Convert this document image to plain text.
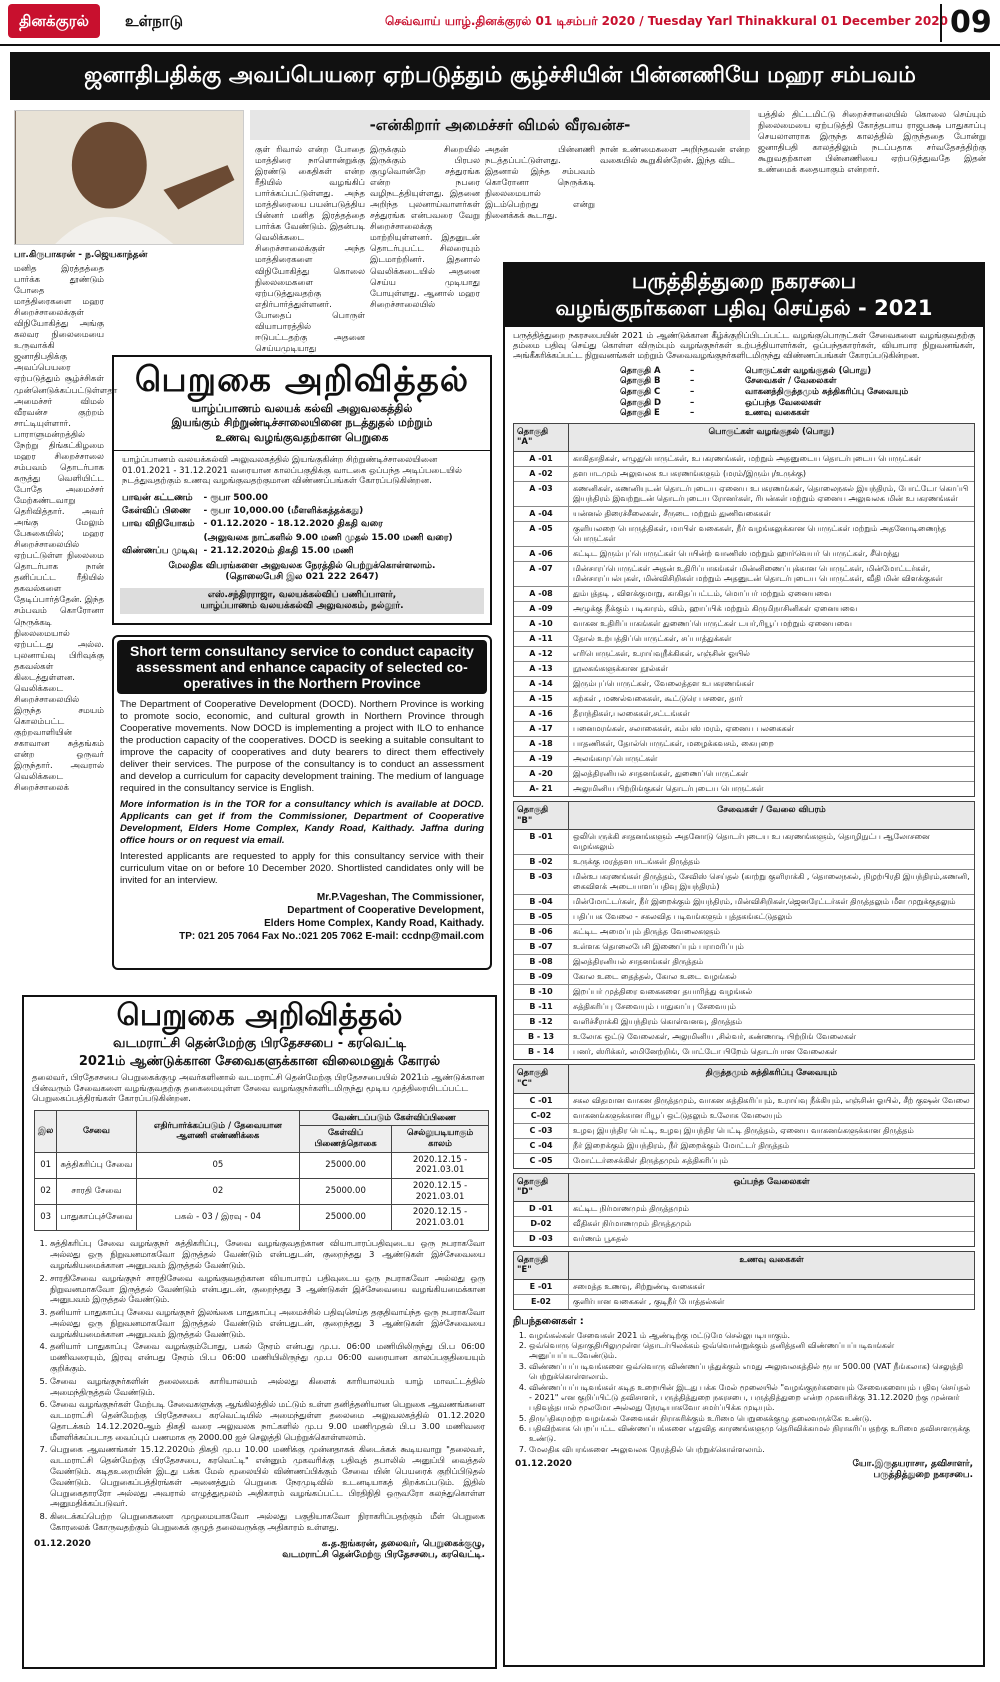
தினக்குரல்	உள்நாடு	செவ்வாய் யாழ்.தினக்குரல் 01 டிசம்பர் 2020 / Tuesday Yarl Thinakkural 01 December 2020 09
ஜனாதிபதிக்கு அவப்பெயரை ஏற்படுத்தும் சூழ்ச்சியின் பின்னணியே மஹர சம்பவம்
-என்கிறார் அமைச்சர் விமல் வீரவன்ச-
பா.கிருபாகரன் - ந.ஜெயகாந்தன்
மனித இரத்தத்தை பார்க்க தூண்டும் போதை மாத்திரைகளை மஹர சிறைச்சாலைக்குள் விநியோகித்து அங்கு கலவர நிலைமையை உருவாக்கி ஜனாதிபதிக்கு அவப்பெயரை ஏற்படுத்தும் சூழ்ச்சிகள் முன்னெடுக்கப்பட்டுள்ளதா அமைச்சர் விமல் வீரவன்ச குற்றம் சாட்டியுள்ளார். பாராளுமன்றத்தில் நேற்று திங்கட்கிழமை மஹர சிறைச்சாலை சம்பவம் தொடர்பாக கருத்து வெளியிட்ட போதே அமைச்சர் மேற்கண்டவாறு தெரிவித்தார். அவர் அங்கு மேலும் பேசுகையில்; மஹர சிறைச்சாலையில் ஏற்பட்டுள்ள நிலைமை தொடர்பாக நான் தனிப்பட்ட ரீதியில் தகவல்களை தேடிப்பார்த்தேன். இந்த சம்பவம் கொரோனா நெருக்கடி நிலைமையால் ஏற்பட்டது அல்ல. புலனாய்வு பிரிவுக்கு தகவல்கள் கிடைத்துள்ளன. வெலிக்கடை சிறைச்சாலையில் இருந்த சமயம் கொலம்பட்ட குற்றவாளியின் சகாவான சுத்தங்கம் என்ற ஒருவர் இருந்தார். அவரால் வெலிக்கடை சிறைச்சாலைக்
குள் ரிவால் என்ற போதை மாத்திரை நாளொன்றுக்கு இரண்டு கைதிகள் என்ற ரீதியில் வழங்கிப் பார்க்கப்பட்டுள்ளது. அந்த மாத்திரையை பயன்படுத்திய பின்னர் மனித இரத்தத்தை பார்க்க வேண்டும். இதன்படி வெலிக்கடை சிறைச்சாலைக்குள் அந்த மாத்திரைகளை விநியோகித்து கொலை நிலைமைகளை ஏற்படுத்துவதற்கு எதிர்பார்த்துள்ளனர். போதைப் பொருள் வியாபாரத்தில் ஈடுபட்டதற்கு அதனை செய்யமுடியாது
இருக்கும் சிறையில் இருக்கும் பிரபல குழுவொன்றே சத்துரங்க என்ற நபரை வழிநடத்தியுள்ளது. இதனை அறிந்த புலனாய்வாளர்கள் சத்துரங்க என்பவரை வேறு சிறைச்சாலைக்கு மாற்றியுள்ளனர். இதனுடன் தொடர்புபட்ட சிலரையும் இடமாற்றினர். இதனால் வெலிக்கடையில் அதனை செய்ய முடியாது போயுள்ளது. ஆனால் மஹர சிறைச்சாலையில்
அதன் பின்னணி நடத்தப்பட்டுள்ளது. இதனால் இந்த சம்பவம் கொரோனா நெருக்கடி நிலைமையால் இடம்பெற்றது என்று நினைக்கக் கூடாது.
நான் உண்மைகளை அறிந்தவன் என்ற வகையில் கூறுகின்றேன். இந்த விட
யத்தில் திட்டமிட்டு சிறைச்சாலையில் கொலை செய்யும் நிலைமையை ஏற்படுத்தி கோத்தபாய ராஜபக்ஷ பாதுகாப்பு செயலாளராக இருந்த காலத்தில் இருந்ததை போன்று ஜனாதிபதி காலத்திலும் நடப்பதாக சர்வதேசத்திற்கு கூறுவதற்கான பின்னணியை ஏற்படுத்துவதே இதன் உண்மைக் கதையாகும் என்றார்.
பெறுகை அறிவித்தல்
யாழ்ப்பாணம் வலயக் கல்வி அலுவலகத்தில்
இயங்கும் சிற்றுண்டிச்சாலையினை நடத்துதல் மற்றும்
உணவு வழங்குவதற்கான பெறுகை
யாழ்ப்பாணம் வலயக்கல்வி அலுவலகத்தில் இயங்குகின்ற சிற்றுண்டிச்சாலையினை 01.01.2021 - 31.12.2021 வரையான காலப்பகுதிக்கு வாடகை ஒப்பந்த அடிப்படையில் நடத்துவதற்கும் உணவு வழங்குவதற்குமான விண்ணப்பங்கள் கோரப்படுகின்றன.
பாவன் கட்டணம்	- ரூபா 500.00
கேள்விப் பிணை	- ரூபா 10,000.00 (மீளளிக்கத்தக்கது)
பாவ விநியோகம்	- 01.12.2020 - 18.12.2020 திகதி வரை
	(அலுவலக நாட்களில் 9.00 மணி முதல் 15.00 மணி வரை)
விண்ணப்ப முடிவு	- 21.12.2020ம் திகதி 15.00 மணி
மேலதிக விபரங்களை அலுவலக நேரத்தில் பெற்றுக்கொள்ளலாம்.
(தொலைபேசி இல 021 222 2647)
எஸ்.சந்திரராஜா, வலயக்கல்விப் பணிப்பாளர்,
யாழ்ப்பாணம் வலயக்கல்வி அலுவலகம், நல்லூர்.
Short term consultancy service to conduct capacity assessment and enhance capacity of selected co-operatives in the Northern Province

The Department of Cooperative Development (DOCD). Northern Province is working to promote socio, economic, and cultural growth in Northern Province through Cooperative movements. Now DOCD is implementing a project with ILO to enhance the production capacity of the cooperatives. DOCD is seeking a suitable consultant to improve the capacity of cooperatives and duty bearers to direct them effectively deliver their services. The purpose of the consultancy is to conduct an assessment and develop a curriculum for capacity development training. The medium of language required in the consultancy service is English.

More information is in the TOR for a consultancy which is available at DOCD. Applicants can get if from the Commissioner, Department of Cooperative Development, Elders Home Complex, Kandy Road, Kaithady. Jaffna during office hours or on request via email.

Interested applicants are requested to apply for this consultancy service with their curriculum vitae on or before 10 December 2020. Shortlisted candidates only will be invited for an interview.

Mr.P.Vageshan, The Commissioner,
Department of Cooperative Development,
Elders Home Complex, Kandy Road, Kaithady.
TP: 021 205 7064 Fax No.:021 205 7062 E-mail: ccdnp@mail.com

பெறுகை அறிவித்தல்
வடமராட்சி தென்மேற்கு பிரதேசசபை - கரவெட்டி
2021ம் ஆண்டுக்கான சேவைகளுக்கான விலைமனுக் கோரல்
தலைவர், பிரதேசசபை பெறுகைக்குழு அவர்களினால் வடமராட்சி தென்மேற்கு பிரதேசசபையில் 2021ம் ஆண்டுக்கான பின்வரும் சேவைகளை வழங்குவதற்கு தகைமையுள்ள சேவை வழங்குநர்களிடமிருந்து மூடிய முத்திரையிடப்பட்ட பெறுகைப்பத்திரங்கள் கோரப்படுகின்றன.
இல	சேவை	எதிர்பார்க்கப்படும் / தேவையான ஆளணி எண்ணிக்கை	வேண்டப்படும் கேள்விப்பிணை	
			கேள்விப் பிணைத்தொகை	செல்லுபடியாகும் காலம்
01	சுத்திகரிப்பு சேவை	05	25000.00	2020.12.15 - 2021.03.01
02	சாரதி சேவை	02	25000.00	2020.12.15 - 2021.03.01
03	பாதுகாப்புச்சேவை	பகல் - 03 / இரவு - 04	25000.00	2020.12.15 - 2021.03.01
1. சுத்திகரிப்பு சேவை வழங்குநர் சுத்திகரிப்பு, சேவை வழங்குவதற்கான வியாபாரப்பதிவுடைய ஒரு நபராகவோ அல்லது ஒரு நிறுவனமாகவோ இருத்தல் வேண்டும் என்பதுடன், குறைந்தது 3 ஆண்டுகள் இச்சேவையை வழங்கியமைக்கான அனுபவம் இருத்தல் வேண்டும்.
2. சாரதிசேவை வழங்குநர் சாரதிசேவை வழங்குவதற்கான வியாபாரப் பதிவுடைய ஒரு நபராகவோ அல்லது ஒரு நிறுவனமாகவோ இருத்தல் வேண்டும் என்பதுடன், குறைந்தது 3 ஆண்டுகள் இச்சேவையை வழங்கியமைக்கான அனுபவம் இருத்தல் வேண்டும்.
3. தனியார் பாதுகாப்பு சேவை வழங்குநர் இலங்கை பாதுகாப்பு அமைச்சில் பதிவுசெய்த தகுதிவாய்ந்த ஒரு நபராகவோ அல்லது ஒரு நிறுவனமாகவோ இருத்தல் வேண்டும் என்பதுடன், குறைந்தது 3 ஆண்டுகள் இச்சேவையை வழங்கியமைக்கான அனுபவம் இருத்தல் வேண்டும்.
4. தனியார் பாதுகாப்பு சேவை வழங்கும்போது, பகல் நேரம் என்பது மு.ப. 06:00 மணியிலிருந்து பி.ப 06:00 மணிவரையும், இரவு என்பது நேரம் பி.ப 06:00 மணியிலிருந்து மு.ப 06:00 வரையான காலப்பகுதியையும் குறிக்கும்.
5. சேவை வழங்குநர்களின் தலைமைக் காரியாலயம் அல்லது கிளைக் காரியாலயம் யாழ் மாவட்டத்தில் அமைந்திருத்தல் வேண்டும்.
6. சேவை வழங்குநர்கள் மேற்படி சேவைகளுக்கு ஆங்கிலத்தில் மட்டும் உள்ள தனித்தனியான பெறுகை ஆவணங்களை வடமராட்சி தென்மேற்கு பிரதேசசபை கரவெட்டியில் அமைந்துள்ள தலைமை அலுவலகத்தில் 01.12.2020 தொடக்கம் 14.12.2020ஆம் திகதி வரை அலுவலக நாட்களில் மு.ப 9.00 மணிமுதல் பி.ப 3.00 மணிவரை மீளளிக்கப்படாத வைப்புப் பணமாக ரூ 2000.00 ஐச் செலுத்தி பெற்றுக்கொள்ளலாம்.
7. பெறுகை ஆவணங்கள் 15.12.2020ம் திகதி மு.ப 10.00 மணிக்கு முன்னதாகக் கிடைக்கக் கூடியவாறு "தலைவர், வடமராட்சி தென்மேற்கு பிரதேசசபை, கரவெட்டி" என்னும் முகவரிக்கு பதிவுத் தபாலில் அனுப்பி வைத்தல் வேண்டும். கடிதஉறையின் இடது பக்க மேல் மூலையில் விண்ணப்பிக்கும் சேவை யின் பெயரைக் குறிப்பிடுதல் வேண்டும். பெறுகைப்பத்திரங்கள் அனைத்தும் பெறுகை நேரமுடிவில் உடனடியாகத் திறக்கப்படும். இதில் பெறுகைதாரரோ அல்லது அவரால் எழுத்துமூலம் அதிகாரம் வழங்கப்பட்ட பிரதிநிதி ஒருவரோ கலந்துகொள்ள அனுமதிக்கப்படுவர்.
8. கிடைக்கப்பெற்ற பெறுகைகளை முழுமையாகவோ அல்லது பகுதியாகவோ நிராகரிப்பதற்கும் மீள் பெறுகை கோரலைக் கோருவதற்கும் பெறுகைக் குழுத் தலைவருக்கு அதிகாரம் உள்ளது.
01.12.2020	க.த.ஐங்கரன், தலைவர், பெறுகைக்குழு,
வடமராட்சி தென்மேற்கு பிரதேசசபை, கரவெட்டி.
பருத்தித்துறை நகரசபை
வழங்குநர்களை பதிவு செய்தல் - 2021
பருத்தித்துறை நகரசபையின் 2021 ம் ஆண்டுக்கான கீழ்க்குறிப்பிடப்பட்ட வழங்குபொருட்கள் சேவைகளை வழங்குவதற்கு தம்மை பதிவு செய்து கொள்ள விரும்பும் வழங்குநர்கள் உற்பத்தியாளர்கள், ஒப்பந்தகாரர்கள், வியாபார நிறுவனங்கள், அங்கீகரிக்கப்பட்ட நிறுவனங்கள் மற்றும் சேவைவழங்குநர்களிடமிருந்து விண்ணப்பங்கள் கோரப்படுகின்றன.
தொகுதி A	–	பொருட்கள் வழங்குதல் (பொது)
தொகுதி B	–	சேவைகள் / வேலைகள்
தொகுதி C	–	வாகனத்திருத்தமும் சுத்திகரிப்பு சேவையும்
தொகுதி D	–	ஒப்பந்த வேலைகள்
தொகுதி E	–	உணவு வகைகள்
தொகுதி "A"
பொருட்கள் வழங்குதல் (பொது)
A -01	காகிதாதிகள், எழுதுபொருட்கள், உபகரணங்கள், மற்றும் அதனுடைய தொடர்புடைய பொருட்கள்
A -02	தளபாடமும் அலுவலக உபகரணங்களும் (மரம்/இரும்பு/உருக்கு)
A -03	கணனிகள், கணனியுடன் தொடர்புடைய ஏனைய உபகரணங்கள், தொலைநகல் இயந்திரம், போட்டோ கொப்பி இயந்திரம் இவற்றுடன் தொடர்புடைய ரோனர்கள், ரிபன்கள் மற்றும் ஏனைய அலுவலக மின் உபகரணங்கள்
A -04	யன்னல் திரைச்சீலைகள், சீருடை மற்றும் துணிவகைகள்
A -05	குளியலறை பொருத்திகள், மாபிள் வகைகள், நீர் வழங்கலுக்கான பொருட்கள் மற்றும் அதனோடிணைந்த பொருட்கள்
A -06	கட்டிட இரும்புப்பொருட்கள் பெயின்ற் வாணிஸ் மற்றும் ஹார்வெயர் பொருட்கள், சீமெந்து
A -07	மின்சாரப்பொருட்கள் அதன் உதிரிப்பாகங்கள் மின்னிணைப்புக்கான பொருட்கள், மின்மோட்டர்கள், மின்சாரப்பல்புகள், மின்விசிறிகள் மற்றும் அதனுடன் தொடர்புடைய பொருட்கள், வீதி மின் விளக்குகள்
A -08	தும்புத்தடி , விளக்குமாறு, காகிதப்பட்டம், மொப்பர் மற்றும் ஏனையவை
A -09	அழுக்கு நீக்கும் படிகாரம், விம், ஹாப்பிக் மற்றும் கிருமிநாசினிகள் ஏனையவை
A -10	வாகன உதிரிப்பாகங்கள் துணைப்பொருட்கள் டயர்,ரியூப் மற்றும் ஏனையவை
A -11	தோல் உற்பத்திப்பொருட்கள், சப்பாத்துக்கள்
A -12	எரிபொருட்கள், உராய்வுநீக்கிகள், எஞ்சின் ஓயில்
A -13	நூலகங்களுக்கான நூல்கள்
A -14	இரும்புப்பொருட்கள், வேலைத்தள உபகரணங்கள்
A -15	கற்கள் , மணல்வகைகள், கூட்டுரெ பசளை, தார்
A -16	தீராந்திகள்,பலகைகள்,சட்டங்கள்
A -17	பனைமரங்கள், சலாகைகள், கம்பஸ் மரம், ஏனைய பலகைகள்
A -18	பாதணிகள், தோல்பொருட்கள், மழைக்கவசம், கையுறை
A -19	அலங்காரப்பொருட்கள்
A -20	இலத்திரனியல் சாதனங்கள், துணைப்பொருட்கள்
A- 21	அலுமினிய பிற்றிங்குகள் தொடர்புடைய பொருட்கள்
தொகுதி "B"
சேவைகள் / வேலை விபரம்
B -01	ஒலிபெருக்கி சாதனங்களும் அதனோடு தொடர்புடைய உபகரணங்களும், தொழிநுட்ப ஆலோசனை வழங்கலும்
B -02	உருக்கு மரத்தளபாடங்கள் திருத்தம்
B -03	மின்உபகரணங்கள் திருத்தம், சேவிஸ் செய்தல் (காற்று குளிராக்கி , தொலைநகல், நிழற்பிரதி இயந்திரம்,கணனி, கைவிளக் அடையாளப்பதிவு இயந்திரம்)
B -04	மின்மோட்டர்கள், நீர் இறைக்கும் இயந்திரம், மின்விசிறிகள்,ஜெனரேட்டர்கள் திருத்தலும் மீள முறுக்குதலும்
B -05	பதிப்பக வேலை - சகலவித படிவங்களும் புத்தகங்கட்டுதலும்
B -06	கட்டிட அமைப்பும் திருத்த வேலைகளும்
B -07	உள்ளக தொலைபேசி இணைப்பும் பராமரிப்பும்
B -08	இலத்திரனியல் சாதனங்கள் திருத்தம்
B -09	கோல உடை தைத்தல், கோல உடை வழங்கல்
B -10	இறப்பர் முத்திரை வகைகளை தயாரித்து வழங்கல்
B -11	சுத்திகரிப்பு சேவையும் பாதுகாப்பு சேவையும்
B -12	வளிச்சீராக்கி இயந்திரம் கொள்வனவு, திருத்தம்
B - 13	உலோக ஒட்டு வேலைகள், அலுமினிய ,சில்வர், கண்ணாடி பிற்றிங் வேலைகள்
B - 14	பனர், ஸ்ரிக்கர், லமினேற்றிங், போட்டோ பிறேம் தொடர்பான வேலைகள்
தொகுதி "C"
திருத்தமும் சுத்திகரிப்பு சேவையும்
C -01	சகல விதமான வாகன திருத்தமும், வாகன சுத்திகரிப்பும், உராய்வு நீக்கியும், எஞ்சின் ஓயில், சீற் குஷன் வேலை
C-02	வாகனங்களுக்கான ரியூப் ஒட்டுதலும் உலோக வேலையும்
C -03	உழவு இயந்திர பெட்டி, உழவு இயந்திர பெட்டி திருத்தம், ஏனைய வாகனங்களுக்கான திருத்தம்
C -04	நீர் இறைக்கும் இயந்திரம், நீர் இறைக்கும் மோட்டர் திருத்தம்
C -05	மோட்டர்சைக்கிள் திருத்தமும் சுத்திகரிப்பும்
தொகுதி "D"
ஒப்பந்த வேலைகள்
D -01	கட்டிட நிர்மாணமும் திருத்தமும்
D-02	வீதிகள் நிர்மாணமும் திருத்தமும்
D -03	வர்ணம் பூசுதல்
தொகுதி "E"
உணவு வகைகள்
E -01	சமைத்த உணவு, சிற்றுண்டி வகைகள்
E-02	குளிர்பான வகைகள் , குடிநீர் போத்தல்கள்
நிபந்தனைகள் :
1. வழங்கல்கள் சேவைகள் 2021 ம் ஆண்டிற்கு மட்டுமே செல்லுபடியாகும்.
2. ஒவ்வொரு தொகுதியிலுமுள்ள தொடர்பிலக்கம் ஒவ்வொன்றுக்கும் தனித்தனி விண்ணப்பப்படிவங்கள் அனுப்பப்படவேண்டும்.
3. விண்ணப்பப்படிவங்களை ஒவ்வொரு விண்ணப்பத்துக்கும் எமது அலுவலகத்தில் ரூபா 500.00 (VAT நீங்கலாக) செலுத்தி பெற்றுக்கொள்ளலாம்.
4. விண்ணப்பப்படிவங்கள் கடித உறையின் இடது பக்க மேல் மூலையில் "வழங்குநர்களையும் சேவைகளையும் பதிவு செய்தல் - 2021" என குறிப்பிட்டு தவிசாளர், பருத்தித்துறை நகரசபை, பருத்தித்துறை என்ற முகவரிக்கு 31.12.2020 ற்கு முன்னர் பதிவுத்தபால் மூலமோ அல்லது நேரடியாகவோ சமர்ப்பிக்க முடியும்.
5. திருப்திகரமற்ற வழங்கல் சேவைகள் நிராகரிக்கும் உரிமை பெறுகைக்குழு தலைவருக்கே உண்டு.
6. பதிவிற்காக பெறப்பட்ட விண்ணப்பங்களை எதுவித காரணங்களுமு தெரிவிக்காமல் நிராகரிப்பதற்கு உரிமை தவிசாளருக்கு உண்டு.
7. மேலதிக விபரங்களை அலுவலக நேரத்தில் பெற்றுக்கொள்ளலாம்.
01.12.2020	யோ.இருதயராசா, தவிசாளர்,
பருத்தித்துறை நகரசபை.
